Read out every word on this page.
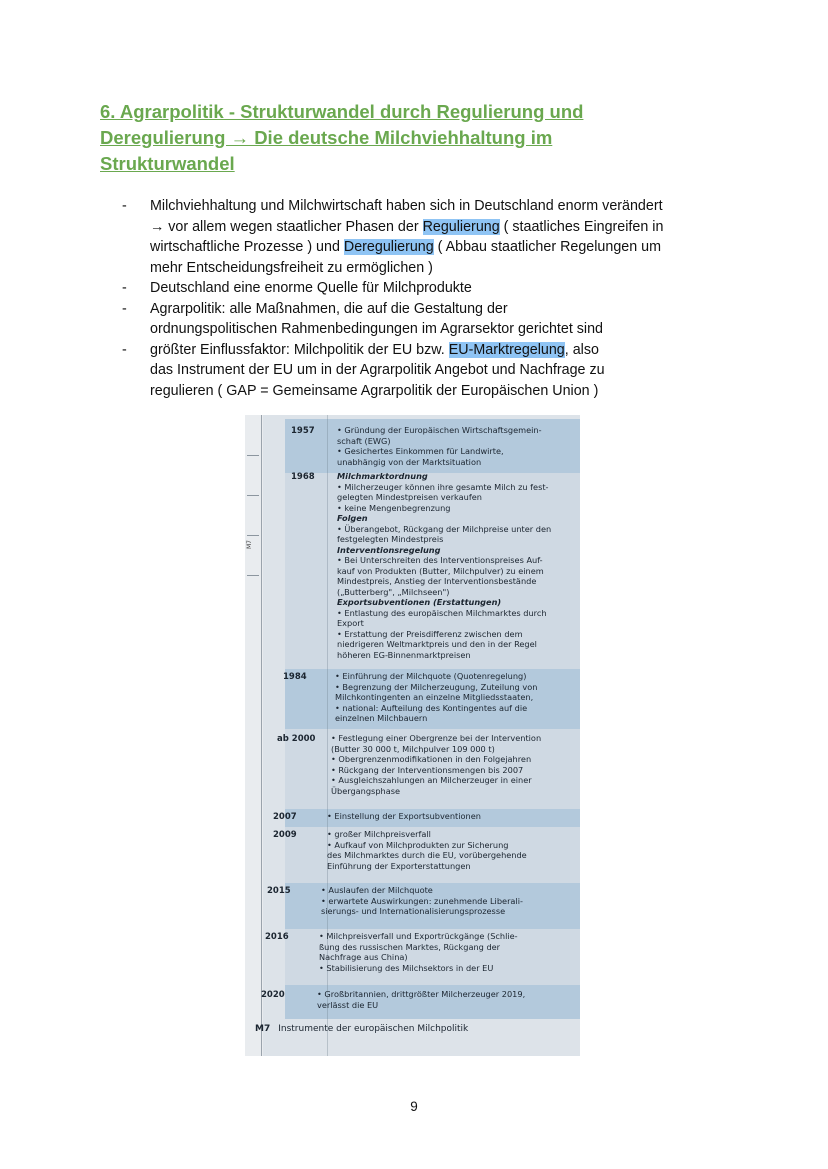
6. Agrarpolitik - Strukturwandel durch Regulierung und
Deregulierung → Die deutsche Milchviehhaltung im
Strukturwandel
- Milchviehhaltung und Milchwirtschaft haben sich in Deutschland enorm verändert
→ vor allem wegen staatlicher Phasen der Regulierung ( staatliches Eingreifen in
wirtschaftliche Prozesse ) und Deregulierung ( Abbau staatlicher Regelungen um
mehr Entscheidungsfreiheit zu ermöglichen )
- Deutschland eine enorme Quelle für Milchprodukte
- Agrarpolitik: alle Maßnahmen, die auf die Gestaltung der
ordnungspolitischen Rahmenbedingungen im Agrarsektor gerichtet sind
- größter Einflussfaktor: Milchpolitik der EU bzw. EU-Marktregelung, also
das Instrument der EU um in der Agrarpolitik Angebot und Nachfrage zu
regulieren ( GAP = Gemeinsame Agrarpolitik der Europäischen Union )
M7
1957	• Gründung der Europäischen Wirtschaftsgemein-

schaft (EWG)

• Gesichertes Einkommen für Landwirte,

unabhängig von der Marktsituation

1968	Milchmarktordnung

• Milcherzeuger können ihre gesamte Milch zu fest-

gelegten Mindestpreisen verkaufen

• keine Mengenbegrenzung

Folgen

• Überangebot, Rückgang der Milchpreise unter den

festgelegten Mindestpreis

Interventionsregelung

• Bei Unterschreiten des Interventionspreises Auf-

kauf von Produkten (Butter, Milchpulver) zu einem

Mindestpreis, Anstieg der Interventionsbestände

(„Butterberg", „Milchseen")

Exportsubventionen (Erstattungen)

• Entlastung des europäischen Milchmarktes durch

Export

• Erstattung der Preisdifferenz zwischen dem

niedrigeren Weltmarktpreis und den in der Regel

höheren EG-Binnenmarktpreisen

1984	• Einführung der Milchquote (Quotenregelung)

• Begrenzung der Milcherzeugung, Zuteilung von

Milchkontingenten an einzelne Mitgliedsstaaten,

• national: Aufteilung des Kontingentes auf die

einzelnen Milchbauern

ab 2000 • Festlegung einer Obergrenze bei der Intervention

(Butter 30 000 t, Milchpulver 109 000 t)

• Obergrenzenmodifikationen in den Folgejahren

• Rückgang der Interventionsmengen bis 2007

• Ausgleichszahlungen an Milcherzeuger in einer

Übergangsphase

2007	• Einstellung der Exportsubventionen

2009	• großer Milchpreisverfall

• Aufkauf von Milchprodukten zur Sicherung

des Milchmarktes durch die EU, vorübergehende

Einführung der Exporterstattungen

2015	• Auslaufen der Milchquote

• erwartete Auswirkungen: zunehmende Liberali-

sierungs- und Internationalisierungsprozesse

2016	• Milchpreisverfall und Exportrückgänge (Schlie-

ßung des russischen Marktes, Rückgang der

Nachfrage aus China)

• Stabilisierung des Milchsektors in der EU

2020	• Großbritannien, drittgrößter Milcherzeuger 2019,

verlässt die EU

M7 Instrumente der europäischen Milchpolitik
9
